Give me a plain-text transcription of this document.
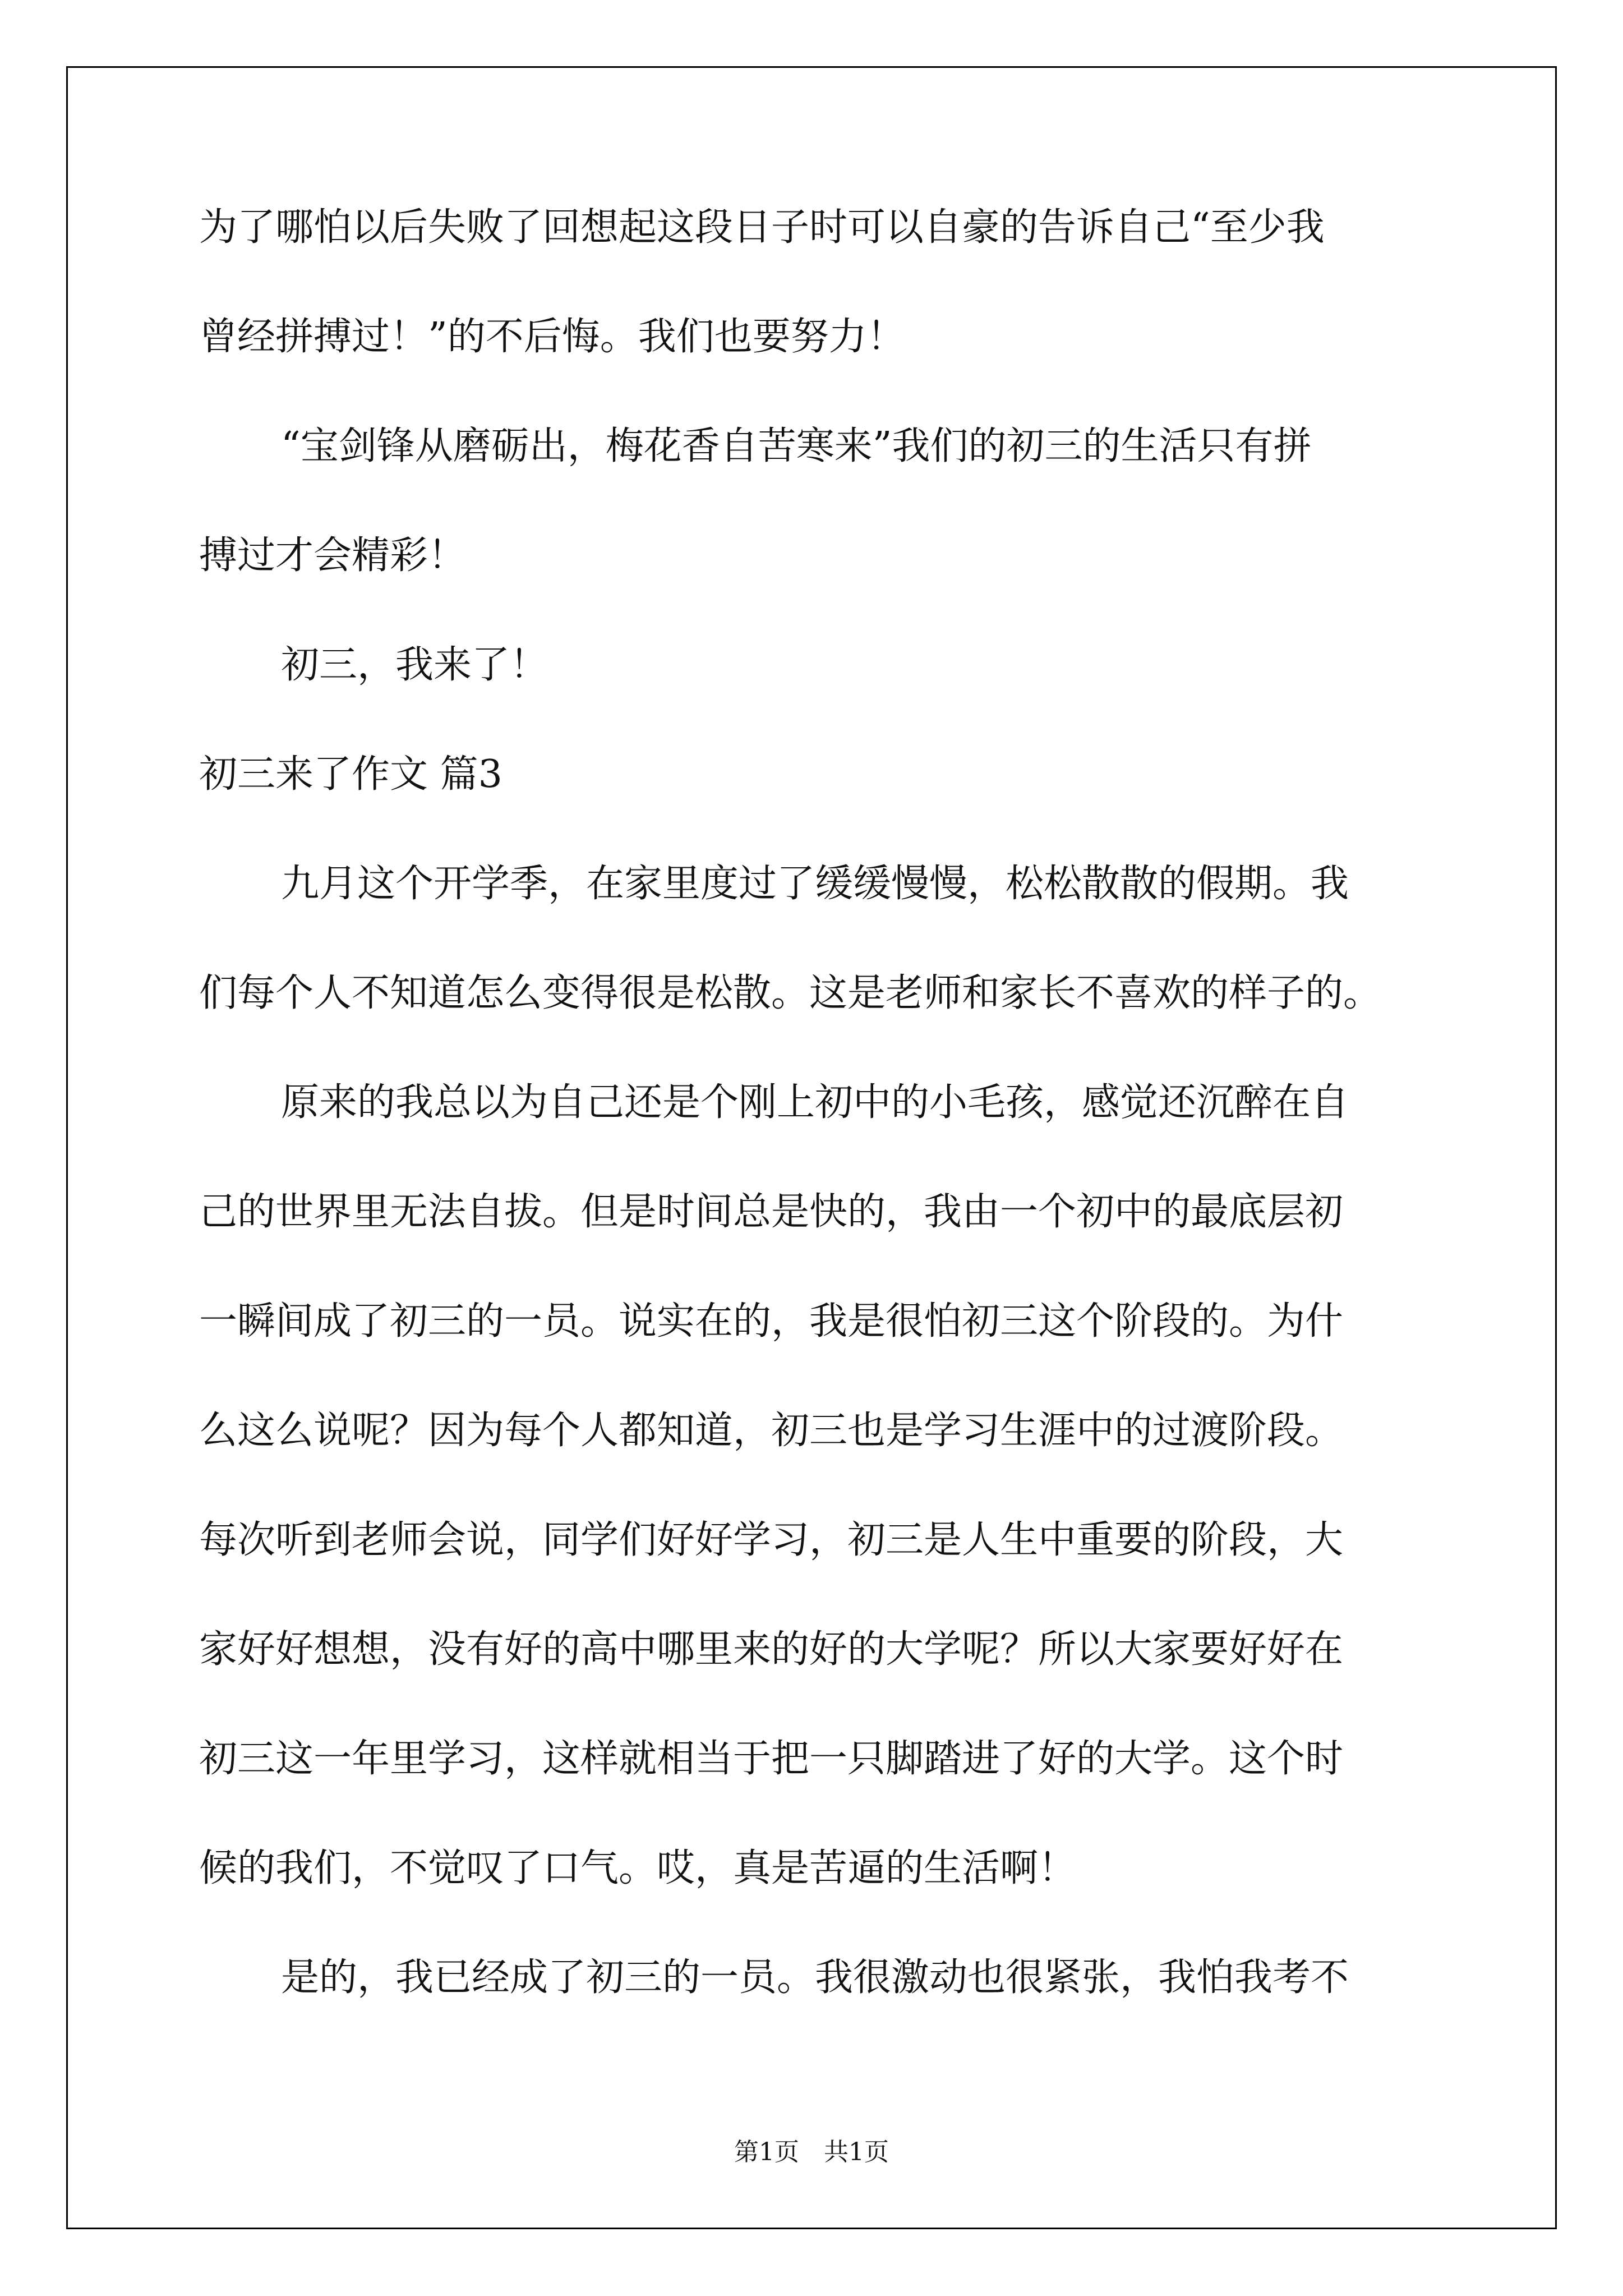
为了哪怕以后失败了回想起这段日子时可以自豪的告诉自己“至少我
曾经拼搏过！”的不后悔。我们也要努力！
“宝剑锋从磨砺出，梅花香自苦寒来”我们的初三的生活只有拼
搏过才会精彩！
初三，我来了！
初三来了作文 篇3
九月这个开学季，在家里度过了缓缓慢慢，松松散散的假期。我
们每个人不知道怎么变得很是松散。这是老师和家长不喜欢的样子的。
原来的我总以为自己还是个刚上初中的小毛孩，感觉还沉醉在自
己的世界里无法自拔。但是时间总是快的，我由一个初中的最底层初
一瞬间成了初三的一员。说实在的，我是很怕初三这个阶段的。为什
么这么说呢？因为每个人都知道，初三也是学习生涯中的过渡阶段。
每次听到老师会说，同学们好好学习，初三是人生中重要的阶段，大
家好好想想，没有好的高中哪里来的好的大学呢？所以大家要好好在
初三这一年里学习，这样就相当于把一只脚踏进了好的大学。这个时
候的我们，不觉叹了口气。哎，真是苦逼的生活啊！
是的，我已经成了初三的一员。我很激动也很紧张，我怕我考不
第1页　共1页
